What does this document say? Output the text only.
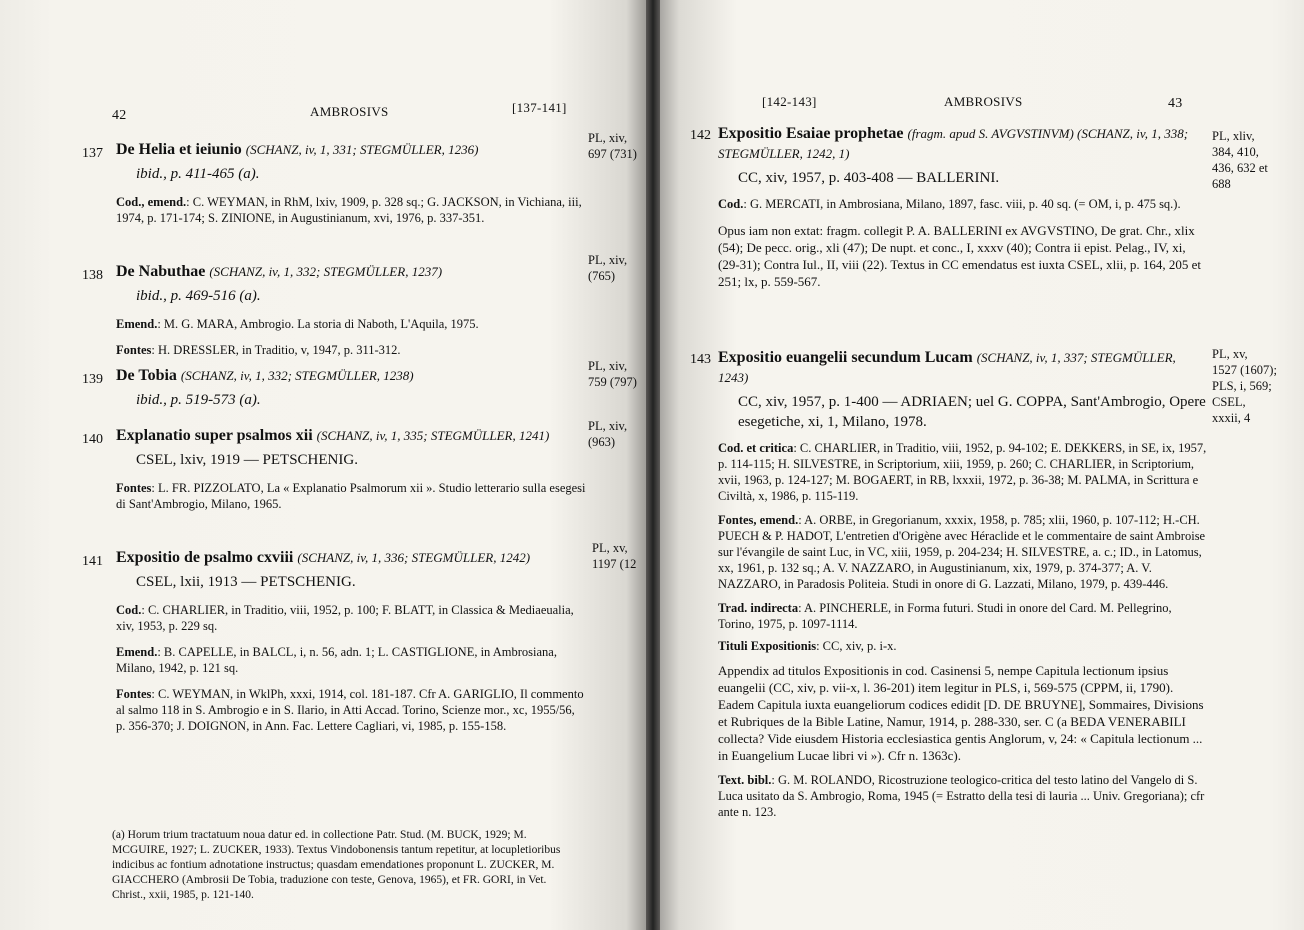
42	AMBROSIVS	[137-141]
137 De Helia et ieiunio (SCHANZ, iv, 1, 331; STEGMÜLLER, 1236)
ibid., p. 411-465 (a).
Cod., emend.: C. WEYMAN, in RhM, lxiv, 1909, p. 328 sq.; G. JACKSON, in Vichiana, iii, 1974, p. 171-174; S. ZINIONE, in Augustinianum, xvi, 1976, p. 337-351.
PL, xiv,
697 (731)
138 De Nabuthae (SCHANZ, iv, 1, 332; STEGMÜLLER, 1237)
ibid., p. 469-516 (a).
Emend.: M. G. MARA, Ambrogio. La storia di Naboth, L'Aquila, 1975.
Fontes: H. DRESSLER, in Traditio, v, 1947, p. 311-312.
PL, xiv,
(765)
139 De Tobia (SCHANZ, iv, 1, 332; STEGMÜLLER, 1238)
ibid., p. 519-573 (a).
PL, xiv,
759 (797)
140 Explanatio super psalmos xii (SCHANZ, iv, 1, 335; STEGMÜLLER, 1241)
CSEL, lxiv, 1919 — PETSCHENIG.
Fontes: L. FR. PIZZOLATO, La « Explanatio Psalmorum xii ». Studio letterario sulla esegesi di Sant'Ambrogio, Milano, 1965.
PL, xiv,
(963)
141 Expositio de psalmo cxviii (SCHANZ, iv, 1, 336; STEGMÜLLER, 1242)
CSEL, lxii, 1913 — PETSCHENIG.
Cod.: C. CHARLIER, in Traditio, viii, 1952, p. 100; F. BLATT, in Classica & Mediaeualia, xiv, 1953, p. 229 sq.
Emend.: B. CAPELLE, in BALCL, i, n. 56, adn. 1; L. CASTIGLIONE, in Ambrosiana, Milano, 1942, p. 121 sq.
Fontes: C. WEYMAN, in WklPh, xxxi, 1914, col. 181-187. Cfr A. GARIGLIO, Il commento al salmo 118 in S. Ambrogio e in S. Ilario, in Atti Accad. Torino, Scienze mor., xc, 1955/56, p. 356-370; J. DOIGNON, in Ann. Fac. Lettere Cagliari, vi, 1985, p. 155-158.
PL, xv,
1197 (12
(a) Horum trium tractatuum noua datur ed. in collectione Patr. Stud. (M. BUCK, 1929; M. MCGUIRE, 1927; L. ZUCKER, 1933). Textus Vindobonensis tantum repetitur, at locupletioribus indicibus ac fontium adnotatione instructus; quasdam emendationes proponunt L. ZUCKER, M. GIACCHERO (Ambrosii De Tobia, traduzione con teste, Genova, 1965), et FR. GORI, in Vet. Christ., xxii, 1985, p. 121-140.
[142-143]	AMBROSIVS	43
142 Expositio Esaiae prophetae (fragm. apud S. AVGVSTINVM) (SCHANZ, iv, 1, 338; STEGMÜLLER, 1242, 1)
CC, xiv, 1957, p. 403-408 — BALLERINI.
Cod.: G. MERCATI, in Ambrosiana, Milano, 1897, fasc. viii, p. 40 sq. (= OM, i, p. 475 sq.).
Opus iam non extat: fragm. collegit P. A. BALLERINI ex AVGVSTINO, De grat. Chr., xlix (54); De pecc. orig., xli (47); De nupt. et conc., I, xxxv (40); Contra ii epist. Pelag., IV, xi, (29-31); Contra Iul., II, viii (22). Textus in CC emendatus est iuxta CSEL, xlii, p. 164, 205 et 251; lx, p. 559-567.
PL, xliv,
384, 410,
436, 632 et
688
143 Expositio euangelii secundum Lucam (SCHANZ, iv, 1, 337; STEGMÜLLER, 1243)
CC, xiv, 1957, p. 1-400 — ADRIAEN; uel G. COPPA, Sant'Ambrogio, Opere esegetiche, xi, 1, Milano, 1978.
Cod. et critica: C. CHARLIER, in Traditio, viii, 1952, p. 94-102; E. DEKKERS, in SE, ix, 1957, p. 114-115; H. SILVESTRE, in Scriptorium, xiii, 1959, p. 260; C. CHARLIER, in Scriptorium, xvii, 1963, p. 124-127; M. BOGAERT, in RB, lxxxii, 1972, p. 36-38; M. PALMA, in Scrittura e Civiltà, x, 1986, p. 115-119.
Fontes, emend.: A. ORBE, in Gregorianum, xxxix, 1958, p. 785; xlii, 1960, p. 107-112; H.-CH. PUECH & P. HADOT, L'entretien d'Origène avec Héraclide et le commentaire de saint Ambroise sur l'évangile de saint Luc, in VC, xiii, 1959, p. 204-234; H. SILVESTRE, a. c.; ID., in Latomus, xx, 1961, p. 132 sq.; A. V. NAZZARO, in Augustinianum, xix, 1979, p. 374-377; A. V. NAZZARO, in Paradosis Politeia. Studi in onore di G. Lazzati, Milano, 1979, p. 439-446.
Trad. indirecta: A. PINCHERLE, in Forma futuri. Studi in onore del Card. M. Pellegrino, Torino, 1975, p. 1097-1114.
Tituli Expositionis: CC, xiv, p. i-x.
Appendix ad titulos Expositionis in cod. Casinensi 5, nempe Capitula lectionum ipsius euangelii (CC, xiv, p. vii-x, l. 36-201) item legitur in PLS, i, 569-575 (CPPM, ii, 1790). Eadem Capitula iuxta euangeliorum codices edidit [D. DE BRUYNE], Sommaires, Divisions et Rubriques de la Bible Latine, Namur, 1914, p. 288-330, ser. C (a BEDA VENERABILI collecta? Vide eiusdem Historia ecclesiastica gentis Anglorum, v, 24: « Capitula lectionum ... in Euangelium Lucae libri vi »). Cfr n. 1363c).
Text. bibl.: G. M. ROLANDO, Ricostruzione teologico-critica del testo latino del Vangelo di S. Luca usitato da S. Ambrogio, Roma, 1945 (= Estratto della tesi di lauria ... Univ. Gregoriana); cfr ante n. 123.
PL, xv,
1527 (1607);
PLS, i, 569;
CSEL,
xxxii, 4
